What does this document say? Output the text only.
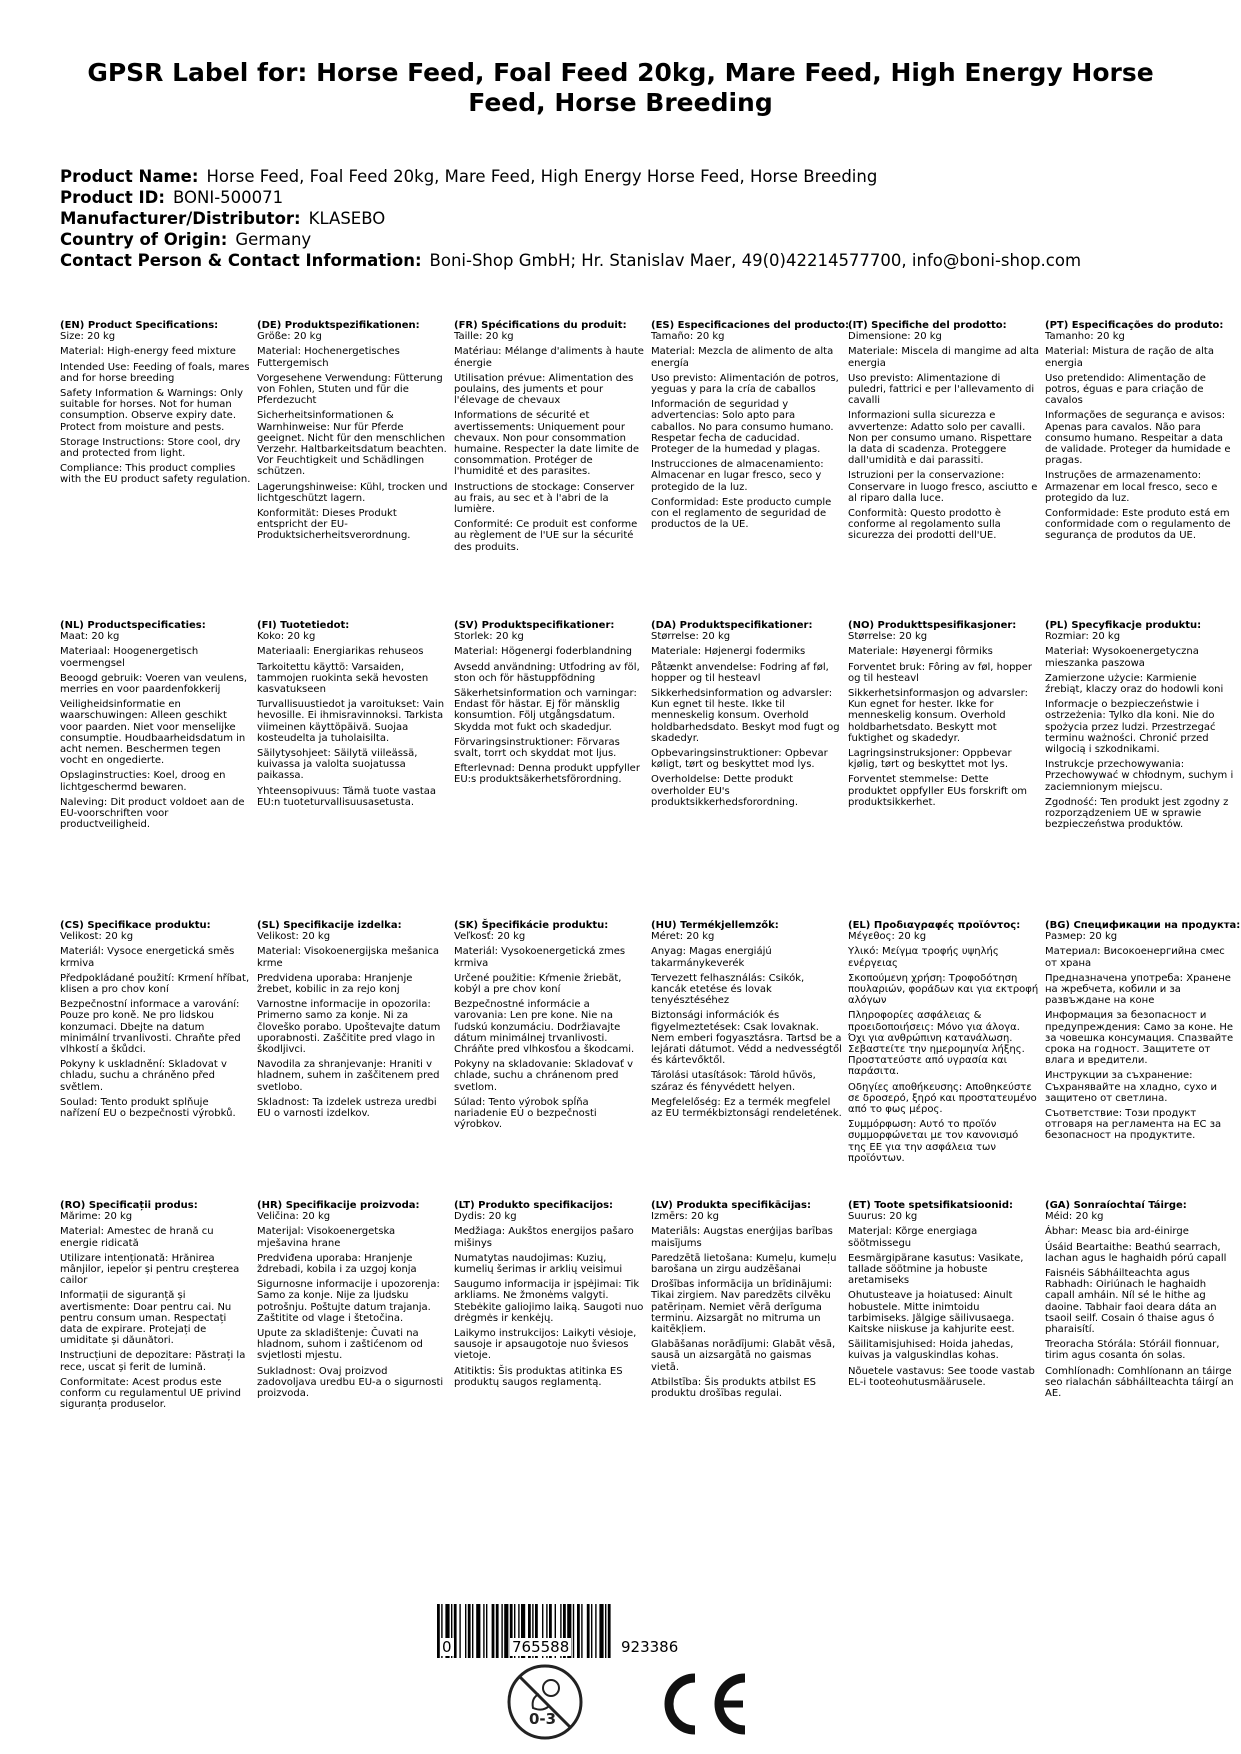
GPSR Label for: Horse Feed, Foal Feed 20kg, Mare Feed, High Energy Horse Feed, Horse Breeding
Product Name: Horse Feed, Foal Feed 20kg, Mare Feed, High Energy Horse Feed, Horse Breeding
Product ID: BONI-500071
Manufacturer/Distributor: KLASEBO
Country of Origin: Germany
Contact Person & Contact Information: Boni-Shop GmbH; Hr. Stanislav Maer, 49(0)42214577700, info@boni-shop.com
(EN) Product Specifications:

Size: 20 kg

Material: High-energy feed mixture

Intended Use: Feeding of foals, mares and for horse breeding

Safety Information & Warnings: Only suitable for horses. Not for human consumption. Observe expiry date. Protect from moisture and pests.

Storage Instructions: Store cool, dry and protected from light.

Compliance: This product complies with the EU product safety regulation.

(DE) Produktspezifikationen:

Größe: 20 kg

Material: Hochenergetisches Futtergemisch

Vorgesehene Verwendung: Fütterung von Fohlen, Stuten und für die Pferdezucht

Sicherheitsinformationen & Warnhinweise: Nur für Pferde geeignet. Nicht für den menschlichen Verzehr. Haltbarkeitsdatum beachten. Vor Feuchtigkeit und Schädlingen schützen.

Lagerungshinweise: Kühl, trocken und lichtgeschützt lagern.

Konformität: Dieses Produkt entspricht der EU-Produktsicherheitsverordnung.

(FR) Spécifications du produit:

Taille: 20 kg

Matériau: Mélange d'aliments à haute énergie

Utilisation prévue: Alimentation des poulains, des juments et pour l'élevage de chevaux

Informations de sécurité et avertissements: Uniquement pour chevaux. Non pour consommation humaine. Respecter la date limite de consommation. Protéger de l'humidité et des parasites.

Instructions de stockage: Conserver au frais, au sec et à l'abri de la lumière.

Conformité: Ce produit est conforme au règlement de l'UE sur la sécurité des produits.

(ES) Especificaciones del producto:

Tamaño: 20 kg

Material: Mezcla de alimento de alta energía

Uso previsto: Alimentación de potros, yeguas y para la cría de caballos

Información de seguridad y advertencias: Solo apto para caballos. No para consumo humano. Respetar fecha de caducidad. Proteger de la humedad y plagas.

Instrucciones de almacenamiento: Almacenar en lugar fresco, seco y protegido de la luz.

Conformidad: Este producto cumple con el reglamento de seguridad de productos de la UE.

(IT) Specifiche del prodotto:

Dimensione: 20 kg

Materiale: Miscela di mangime ad alta energia

Uso previsto: Alimentazione di puledri, fattrici e per l'allevamento di cavalli

Informazioni sulla sicurezza e avvertenze: Adatto solo per cavalli. Non per consumo umano. Rispettare la data di scadenza. Proteggere dall'umidità e dai parassiti.

Istruzioni per la conservazione: Conservare in luogo fresco, asciutto e al riparo dalla luce.

Conformità: Questo prodotto è conforme al regolamento sulla sicurezza dei prodotti dell'UE.

(PT) Especificações do produto:

Tamanho: 20 kg

Material: Mistura de ração de alta energia

Uso pretendido: Alimentação de potros, éguas e para criação de cavalos

Informações de segurança e avisos: Apenas para cavalos. Não para consumo humano. Respeitar a data de validade. Proteger da humidade e pragas.

Instruções de armazenamento: Armazenar em local fresco, seco e protegido da luz.

Conformidade: Este produto está em conformidade com o regulamento de segurança de produtos da UE.

(NL) Productspecificaties:

Maat: 20 kg

Materiaal: Hoogenergetisch voermengsel

Beoogd gebruik: Voeren van veulens, merries en voor paardenfokkerij

Veiligheidsinformatie en waarschuwingen: Alleen geschikt voor paarden. Niet voor menselijke consumptie. Houdbaarheidsdatum in acht nemen. Beschermen tegen vocht en ongedierte.

Opslaginstructies: Koel, droog en lichtgeschermd bewaren.

Naleving: Dit product voldoet aan de EU-voorschriften voor productveiligheid.

(FI) Tuotetiedot:

Koko: 20 kg

Materiaali: Energiarikas rehuseos

Tarkoitettu käyttö: Varsaiden, tammojen ruokinta sekä hevosten kasvatukseen

Turvallisuustiedot ja varoitukset: Vain hevosille. Ei ihmisravinnoksi. Tarkista viimeinen käyttöpäivä. Suojaa kosteudelta ja tuholaisilta.

Säilytysohjeet: Säilytä viileässä, kuivassa ja valolta suojatussa paikassa.

Yhteensopivuus: Tämä tuote vastaa EU:n tuoteturvallisuusasetusta.

(SV) Produktspecifikationer:

Storlek: 20 kg

Material: Högenergi foderblandning

Avsedd användning: Utfodring av föl, ston och för hästuppfödning

Säkerhetsinformation och varningar: Endast för hästar. Ej för mänsklig konsumtion. Följ utgångsdatum. Skydda mot fukt och skadedjur.

Förvaringsinstruktioner: Förvaras svalt, torrt och skyddat mot ljus.

Efterlevnad: Denna produkt uppfyller EU:s produktsäkerhetsförordning.

(DA) Produktspecifikationer:

Størrelse: 20 kg

Materiale: Højenergi fodermiks

Påtænkt anvendelse: Fodring af føl, hopper og til hesteavl

Sikkerhedsinformation og advarsler: Kun egnet til heste. Ikke til menneskelig konsum. Overhold holdbarhedsdato. Beskyt mod fugt og skadedyr.

Opbevaringsinstruktioner: Opbevar køligt, tørt og beskyttet mod lys.

Overholdelse: Dette produkt overholder EU's produktsikkerhedsforordning.

(NO) Produkttspesifikasjoner:

Størrelse: 20 kg

Materiale: Høyenergi fôrmiks

Forventet bruk: Fôring av føl, hopper og til hesteavl

Sikkerhetsinformasjon og advarsler: Kun egnet for hester. Ikke for menneskelig konsum. Overhold holdbarhetsdato. Beskytt mot fuktighet og skadedyr.

Lagringsinstruksjoner: Oppbevar kjølig, tørt og beskyttet mot lys.

Forventet stemmelse: Dette produktet oppfyller EUs forskrift om produktsikkerhet.

(PL) Specyfikacje produktu:

Rozmiar: 20 kg

Materiał: Wysokoenergetyczna mieszanka paszowa

Zamierzone użycie: Karmienie źrebiąt, klaczy oraz do hodowli koni

Informacje o bezpieczeństwie i ostrzeżenia: Tylko dla koni. Nie do spożycia przez ludzi. Przestrzegać terminu ważności. Chronić przed wilgocią i szkodnikami.

Instrukcje przechowywania: Przechowywać w chłodnym, suchym i zaciemnionym miejscu.

Zgodność: Ten produkt jest zgodny z rozporządzeniem UE w sprawie bezpieczeństwa produktów.

(CS) Specifikace produktu:

Velikost: 20 kg

Materiál: Vysoce energetická směs krmiva

Předpokládané použití: Krmení hříbat, klisen a pro chov koní

Bezpečnostní informace a varování: Pouze pro koně. Ne pro lidskou konzumaci. Dbejte na datum minimální trvanlivosti. Chraňte před vlhkostí a škůdci.

Pokyny k uskladnění: Skladovat v chladu, suchu a chráněno před světlem.

Soulad: Tento produkt splňuje nařízení EU o bezpečnosti výrobků.

(SL) Specifikacije izdelka:

Velikost: 20 kg

Material: Visokoenergijska mešanica krme

Predvidena uporaba: Hranjenje žrebet, kobilic in za rejo konj

Varnostne informacije in opozorila: Primerno samo za konje. Ni za človeško porabo. Upoštevajte datum uporabnosti. Zaščitite pred vlago in škodljivci.

Navodila za shranjevanje: Hraniti v hladnem, suhem in zaščitenem pred svetlobo.

Skladnost: Ta izdelek ustreza uredbi EU o varnosti izdelkov.

(SK) Špecifikácie produktu:

Veľkosť: 20 kg

Materiál: Vysokoenergetická zmes krmiva

Určené použitie: Kŕmenie žriebät, kobýl a pre chov koní

Bezpečnostné informácie a varovania: Len pre kone. Nie na ľudskú konzumáciu. Dodržiavajte dátum minimálnej trvanlivosti. Chráňte pred vlhkosťou a škodcami.

Pokyny na skladovanie: Skladovať v chlade, suchu a chránenom pred svetlom.

Súlad: Tento výrobok spĺňa nariadenie EÚ o bezpečnosti výrobkov.

(HU) Termékjellemzők:

Méret: 20 kg

Anyag: Magas energiájú takarmánykeverék

Tervezett felhasználás: Csikók, kancák etetése és lovak tenyésztéséhez

Biztonsági információk és figyelmeztetések: Csak lovaknak. Nem emberi fogyasztásra. Tartsd be a lejárati dátumot. Védd a nedvességtől és kártevőktől.

Tárolási utasítások: Tárold hűvös, száraz és fényvédett helyen.

Megfelelőség: Ez a termék megfelel az EU termékbiztonsági rendeletének.

(EL) Προδιαγραφές προϊόντος:

Μέγεθος: 20 kg

Υλικό: Μείγμα τροφής υψηλής ενέργειας

Σκοπούμενη χρήση: Τροφοδότηση πουλαριών, φοράδων και για εκτροφή αλόγων

Πληροφορίες ασφάλειας & προειδοποιήσεις: Μόνο για άλογα. Όχι για ανθρώπινη κατανάλωση. Σεβαστείτε την ημερομηνία λήξης. Προστατεύστε από υγρασία και παράσιτα.

Οδηγίες αποθήκευσης: Αποθηκεύστε σε δροσερό, ξηρό και προστατευμένο από το φως μέρος.

Συμμόρφωση: Αυτό το προϊόν συμμορφώνεται με τον κανονισμό της ΕΕ για την ασφάλεια των προϊόντων.

(BG) Спецификации на продукта:

Размер: 20 kg

Материал: Високоенергийна смес от храна

Предназначена употреба: Хранене на жребчета, кобили и за развъждане на коне

Информация за безопасност и предупреждения: Само за коне. Не за човешка консумация. Спазвайте срока на годност. Защитете от влага и вредители.

Инструкции за съхранение: Съхранявайте на хладно, сухо и защитено от светлина.

Съответствие: Този продукт отговаря на регламента на ЕС за безопасност на продуктите.

(RO) Specificații produs:

Mărime: 20 kg

Material: Amestec de hrană cu energie ridicată

Utilizare intenționată: Hrănirea mânjilor, iepelor și pentru creșterea cailor

Informații de siguranță și avertismente: Doar pentru cai. Nu pentru consum uman. Respectați data de expirare. Protejați de umiditate și dăunători.

Instrucțiuni de depozitare: Păstrați la rece, uscat și ferit de lumină.

Conformitate: Acest produs este conform cu regulamentul UE privind siguranța produselor.

(HR) Specifikacije proizvoda:

Veličina: 20 kg

Materijal: Visokoenergetska mješavina hrane

Predviđena uporaba: Hranjenje ždrebadi, kobila i za uzgoj konja

Sigurnosne informacije i upozorenja: Samo za konje. Nije za ljudsku potrošnju. Poštujte datum trajanja. Zaštitite od vlage i štetočina.

Upute za skladištenje: Čuvati na hladnom, suhom i zaštićenom od svjetlosti mjestu.

Sukladnost: Ovaj proizvod zadovoljava uredbu EU-a o sigurnosti proizvoda.

(LT) Produkto specifikacijos:

Dydis: 20 kg

Medžiaga: Aukštos energijos pašaro mišinys

Numatytas naudojimas: Kuzių, kumelių šerimas ir arklių veisimui

Saugumo informacija ir įspėjimai: Tik arkliams. Ne žmonėms valgyti. Stebėkite galiojimo laiką. Saugoti nuo drėgmės ir kenkėjų.

Laikymo instrukcijos: Laikyti vėsioje, sausoje ir apsaugotoje nuo šviesos vietoje.

Atitiktis: Šis produktas atitinka ES produktų saugos reglamentą.

(LV) Produkta specifikācijas:

Izmērs: 20 kg

Materiāls: Augstas enerģijas barības maisījums

Paredzētā lietošana: Kumeļu, kumeļu barošana un zirgu audzēšanai

Drošības informācija un brīdinājumi: Tikai zirgiem. Nav paredzēts cilvēku patēriņam. Nemiet vērā derīguma terminu. Aizsargāt no mitruma un kaitēkļiem.

Glabāšanas norādījumi: Glabāt vēsā, sausā un aizsargātā no gaismas vietā.

Atbilstība: Šis produkts atbilst ES produktu drošības regulai.

(ET) Toote spetsifikatsioonid:

Suurus: 20 kg

Materjal: Kõrge energiaga söötmissegu

Eesmärgipärane kasutus: Vasikate, tallade söötmine ja hobuste aretamiseks

Ohutusteave ja hoiatused: Ainult hobustele. Mitte inimtoidu tarbimiseks. Jälgige säilivusaega. Kaitske niiskuse ja kahjurite eest.

Säilitamisjuhised: Hoida jahedas, kuivas ja valguskindlas kohas.

Nõuetele vastavus: See toode vastab EL-i tooteohutusmäärusele.

(GA) Sonraíochtaí Táirge:

Méid: 20 kg

Ábhar: Measc bia ard-éinirge

Úsáid Beartaithe: Beathú searrach, lachan agus le haghaidh pórú capall

Faisnéis Sábháilteachta agus Rabhadh: Oiriúnach le haghaidh capall amháin. Níl sé le hithe ag daoine. Tabhair faoi deara dáta an tsaoil seilf. Cosain ó thaise agus ó pharaisítí.

Treoracha Stórála: Stóráil fionnuar, tirim agus cosanta ón solas.

Comhlíonadh: Comhlíonann an táirge seo rialachán sábháilteachta táirgí an AE.

0	765588	923386
0-3
